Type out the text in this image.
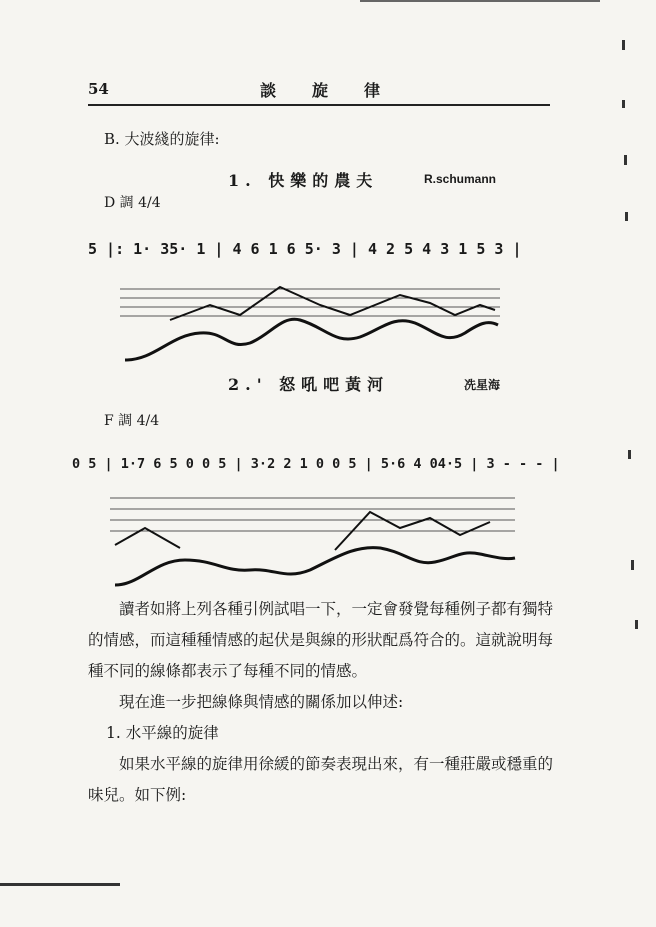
54	談旋律
B. 大波綫的旋律:
1. 快樂的農夫	R.schumann
D 調 4/4
5 |: 1· 35· 1 | 4 6 1 6 5· 3 | 4 2 5 4 3 1 5 3 |
2.' 怒吼吧黃河	冼星海
F 調 4/4
0 5 | 1·7 6 5 0 0 5 | 3·2 2 1 0 0 5 | 5·6 4 04·5 | 3 - - - |

讀者如將上列各種引例試唱一下，一定會發覺每種例子都有獨特的情感，而這種種情感的起伏是與線的形狀配爲符合的。這就說明每種不同的線條都表示了每種不同的情感。

現在進一步把線條與情感的關係加以伸述:

1. 水平線的旋律

如果水平線的旋律用徐緩的節奏表現出來，有一種莊嚴或穩重的味兒。如下例:
